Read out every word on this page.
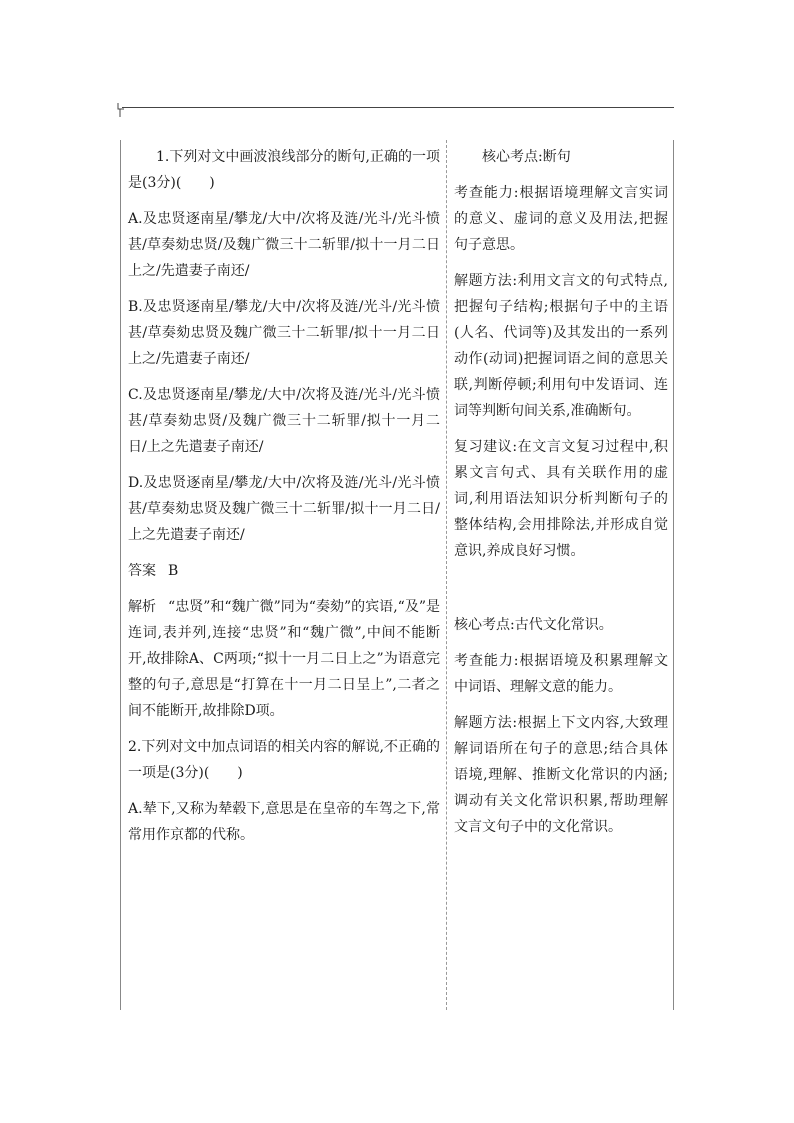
1.下列对文中画波浪线部分的断句,正确的一项是(3分)(　　)

A.及忠贤逐南星/攀龙/大中/次将及涟/光斗/光斗愤甚/草奏劾忠贤/及魏广微三十二斩罪/拟十一月二日上之/先遣妻子南还/

B.及忠贤逐南星/攀龙/大中/次将及涟/光斗/光斗愤甚/草奏劾忠贤及魏广微三十二斩罪/拟十一月二日上之/先遣妻子南还/

C.及忠贤逐南星/攀龙/大中/次将及涟/光斗/光斗愤甚/草奏劾忠贤/及魏广微三十二斩罪/拟十一月二日/上之先遣妻子南还/

D.及忠贤逐南星/攀龙/大中/次将及涟/光斗/光斗愤甚/草奏劾忠贤及魏广微三十二斩罪/拟十一月二日/上之先遣妻子南还/

答案 B

解析 “忠贤”和“魏广微”同为“奏劾”的宾语,“及”是连词,表并列,连接“忠贤”和“魏广微”,中间不能断开,故排除A、C两项;“拟十一月二日上之”为语意完整的句子,意思是“打算在十一月二日呈上”,二者之间不能断开,故排除D项。

2.下列对文中加点词语的相关内容的解说,不正确的一项是(3分)(　　)

A.辇下,又称为辇毂下,意思是在皇帝的车驾之下,常常用作京都的代称。

核心考点:断句

考查能力:根据语境理解文言实词的意义、虚词的意义及用法,把握句子意思。

解题方法:利用文言文的句式特点,把握句子结构;根据句子中的主语(人名、代词等)及其发出的一系列动作(动词)把握词语之间的意思关联,判断停顿;利用句中发语词、连词等判断句间关系,准确断句。

复习建议:在文言文复习过程中,积累文言句式、具有关联作用的虚词,利用语法知识分析判断句子的整体结构,会用排除法,并形成自觉意识,养成良好习惯。

核心考点:古代文化常识。

考查能力:根据语境及积累理解文中词语、理解文意的能力。

解题方法:根据上下文内容,大致理解词语所在句子的意思;结合具体语境,理解、推断文化常识的内涵;调动有关文化常识积累,帮助理解文言文句子中的文化常识。
